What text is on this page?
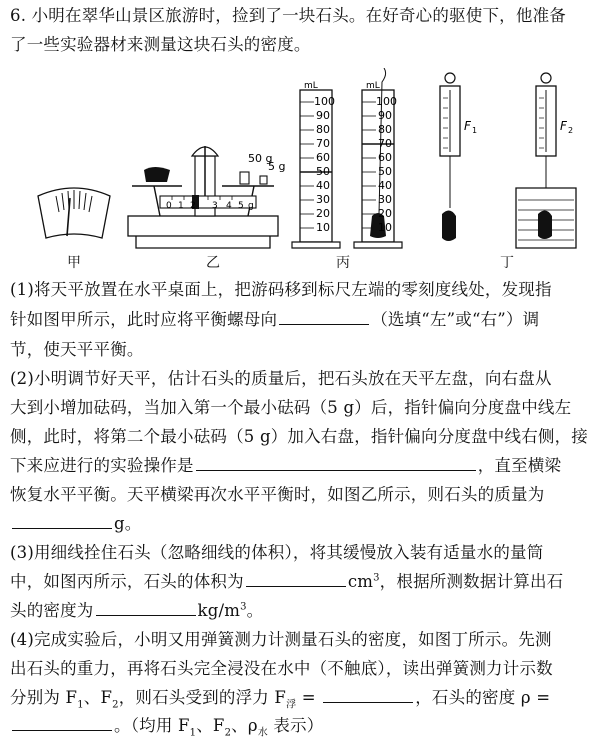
6. 小明在翠华山景区旅游时，捡到了一块石头。在好奇心的驱使下，他准备
了一些实验器材来测量这块石头的密度。
0 1 2 3 4 5 g
50 g
5 g
mL
100
90
80
70
60
50
40
30
20
10
mL
100
90
80
70
60
50
40
30
20
10
F 1	F 2
甲	乙	丙	丁
(1)将天平放置在水平桌面上，把游码移到标尺左端的零刻度线处，发现指
针如图甲所示，此时应将平衡螺母向	（选填“左”或“右”）调
节，使天平平衡。
(2)小明调节好天平，估计石头的质量后，把石头放在天平左盘，向右盘从
大到小增加砝码，当加入第一个最小砝码（5 g）后，指针偏向分度盘中线左
侧，此时，将第二个最小砝码（5 g）加入右盘，指针偏向分度盘中线右侧，接
下来应进行的实验操作是	，直至横梁
恢复水平平衡。天平横梁再次水平平衡时，如图乙所示，则石头的质量为
g。
(3)用细线拴住石头（忽略细线的体积），将其缓慢放入装有适量水的量筒
中，如图丙所示，石头的体积为	$cm^3$，根据所测数据计算出石
头的密度为	$kg/m^3$。
(4)完成实验后，小明又用弹簧测力计测量石头的密度，如图丁所示。先测
出石头的重力，再将石头完全浸没在水中（不触底），读出弹簧测力计示数
分别为 $F_1$、$F_2$，则石头受到的浮力 $F_浮$ =	，石头的密度 ρ =
。（均用 $F_1$、$F_2$、$\rho_水$ 表示）
